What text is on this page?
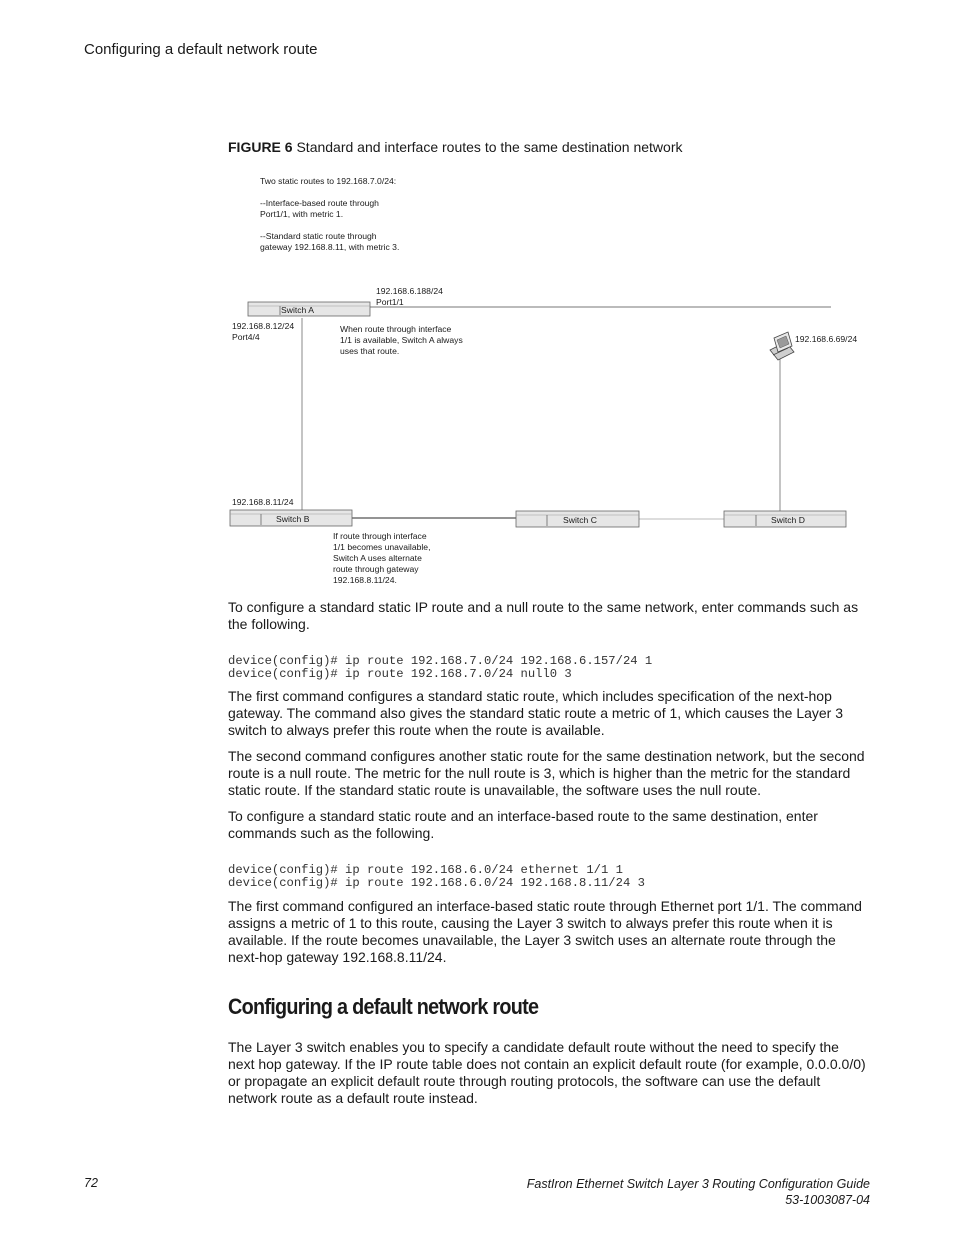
Configuring a default network route
FIGURE 6 Standard and interface routes to the same destination network
Two static routes to 192.168.7.0/24:
--Interface-based route through
Port1/1, with metric 1.
--Standard static route through
gateway 192.168.8.11, with metric 3.
Switch A
Switch B	Switch C	Switch D
192.168.6.188/24
Port1/1
192.168.8.12/24
Port4/4	192.168.6.69/24
192.168.8.11/24
When route through interface
1/1 is available, Switch A always
uses that route.
If route through interface
1/1 becomes unavailable,
Switch A uses alternate
route through gateway
192.168.8.11/24.

To configure a standard static IP route and a null route to the same network, enter commands such as the following.

device(config)# ip route 192.168.7.0/24 192.168.6.157/24 1
device(config)# ip route 192.168.7.0/24 null0 3

The first command configures a standard static route, which includes specification of the next-hop gateway. The command also gives the standard static route a metric of 1, which causes the Layer 3 switch to always prefer this route when the route is available.

The second command configures another static route for the same destination network, but the second route is a null route. The metric for the null route is 3, which is higher than the metric for the standard static route. If the standard static route is unavailable, the software uses the null route.

To configure a standard static route and an interface-based route to the same destination, enter commands such as the following.

device(config)# ip route 192.168.6.0/24 ethernet 1/1 1
device(config)# ip route 192.168.6.0/24 192.168.8.11/24 3

The first command configured an interface-based static route through Ethernet port 1/1. The command assigns a metric of 1 to this route, causing the Layer 3 switch to always prefer this route when it is available. If the route becomes unavailable, the Layer 3 switch uses an alternate route through the next-hop gateway 192.168.8.11/24.

Configuring a default network route

The Layer 3 switch enables you to specify a candidate default route without the need to specify the next hop gateway. If the IP route table does not contain an explicit default route (for example, 0.0.0.0/0) or propagate an explicit default route through routing protocols, the software can use the default network route as a default route instead.

72	FastIron Ethernet Switch Layer 3 Routing Configuration Guide
53-1003087-04
